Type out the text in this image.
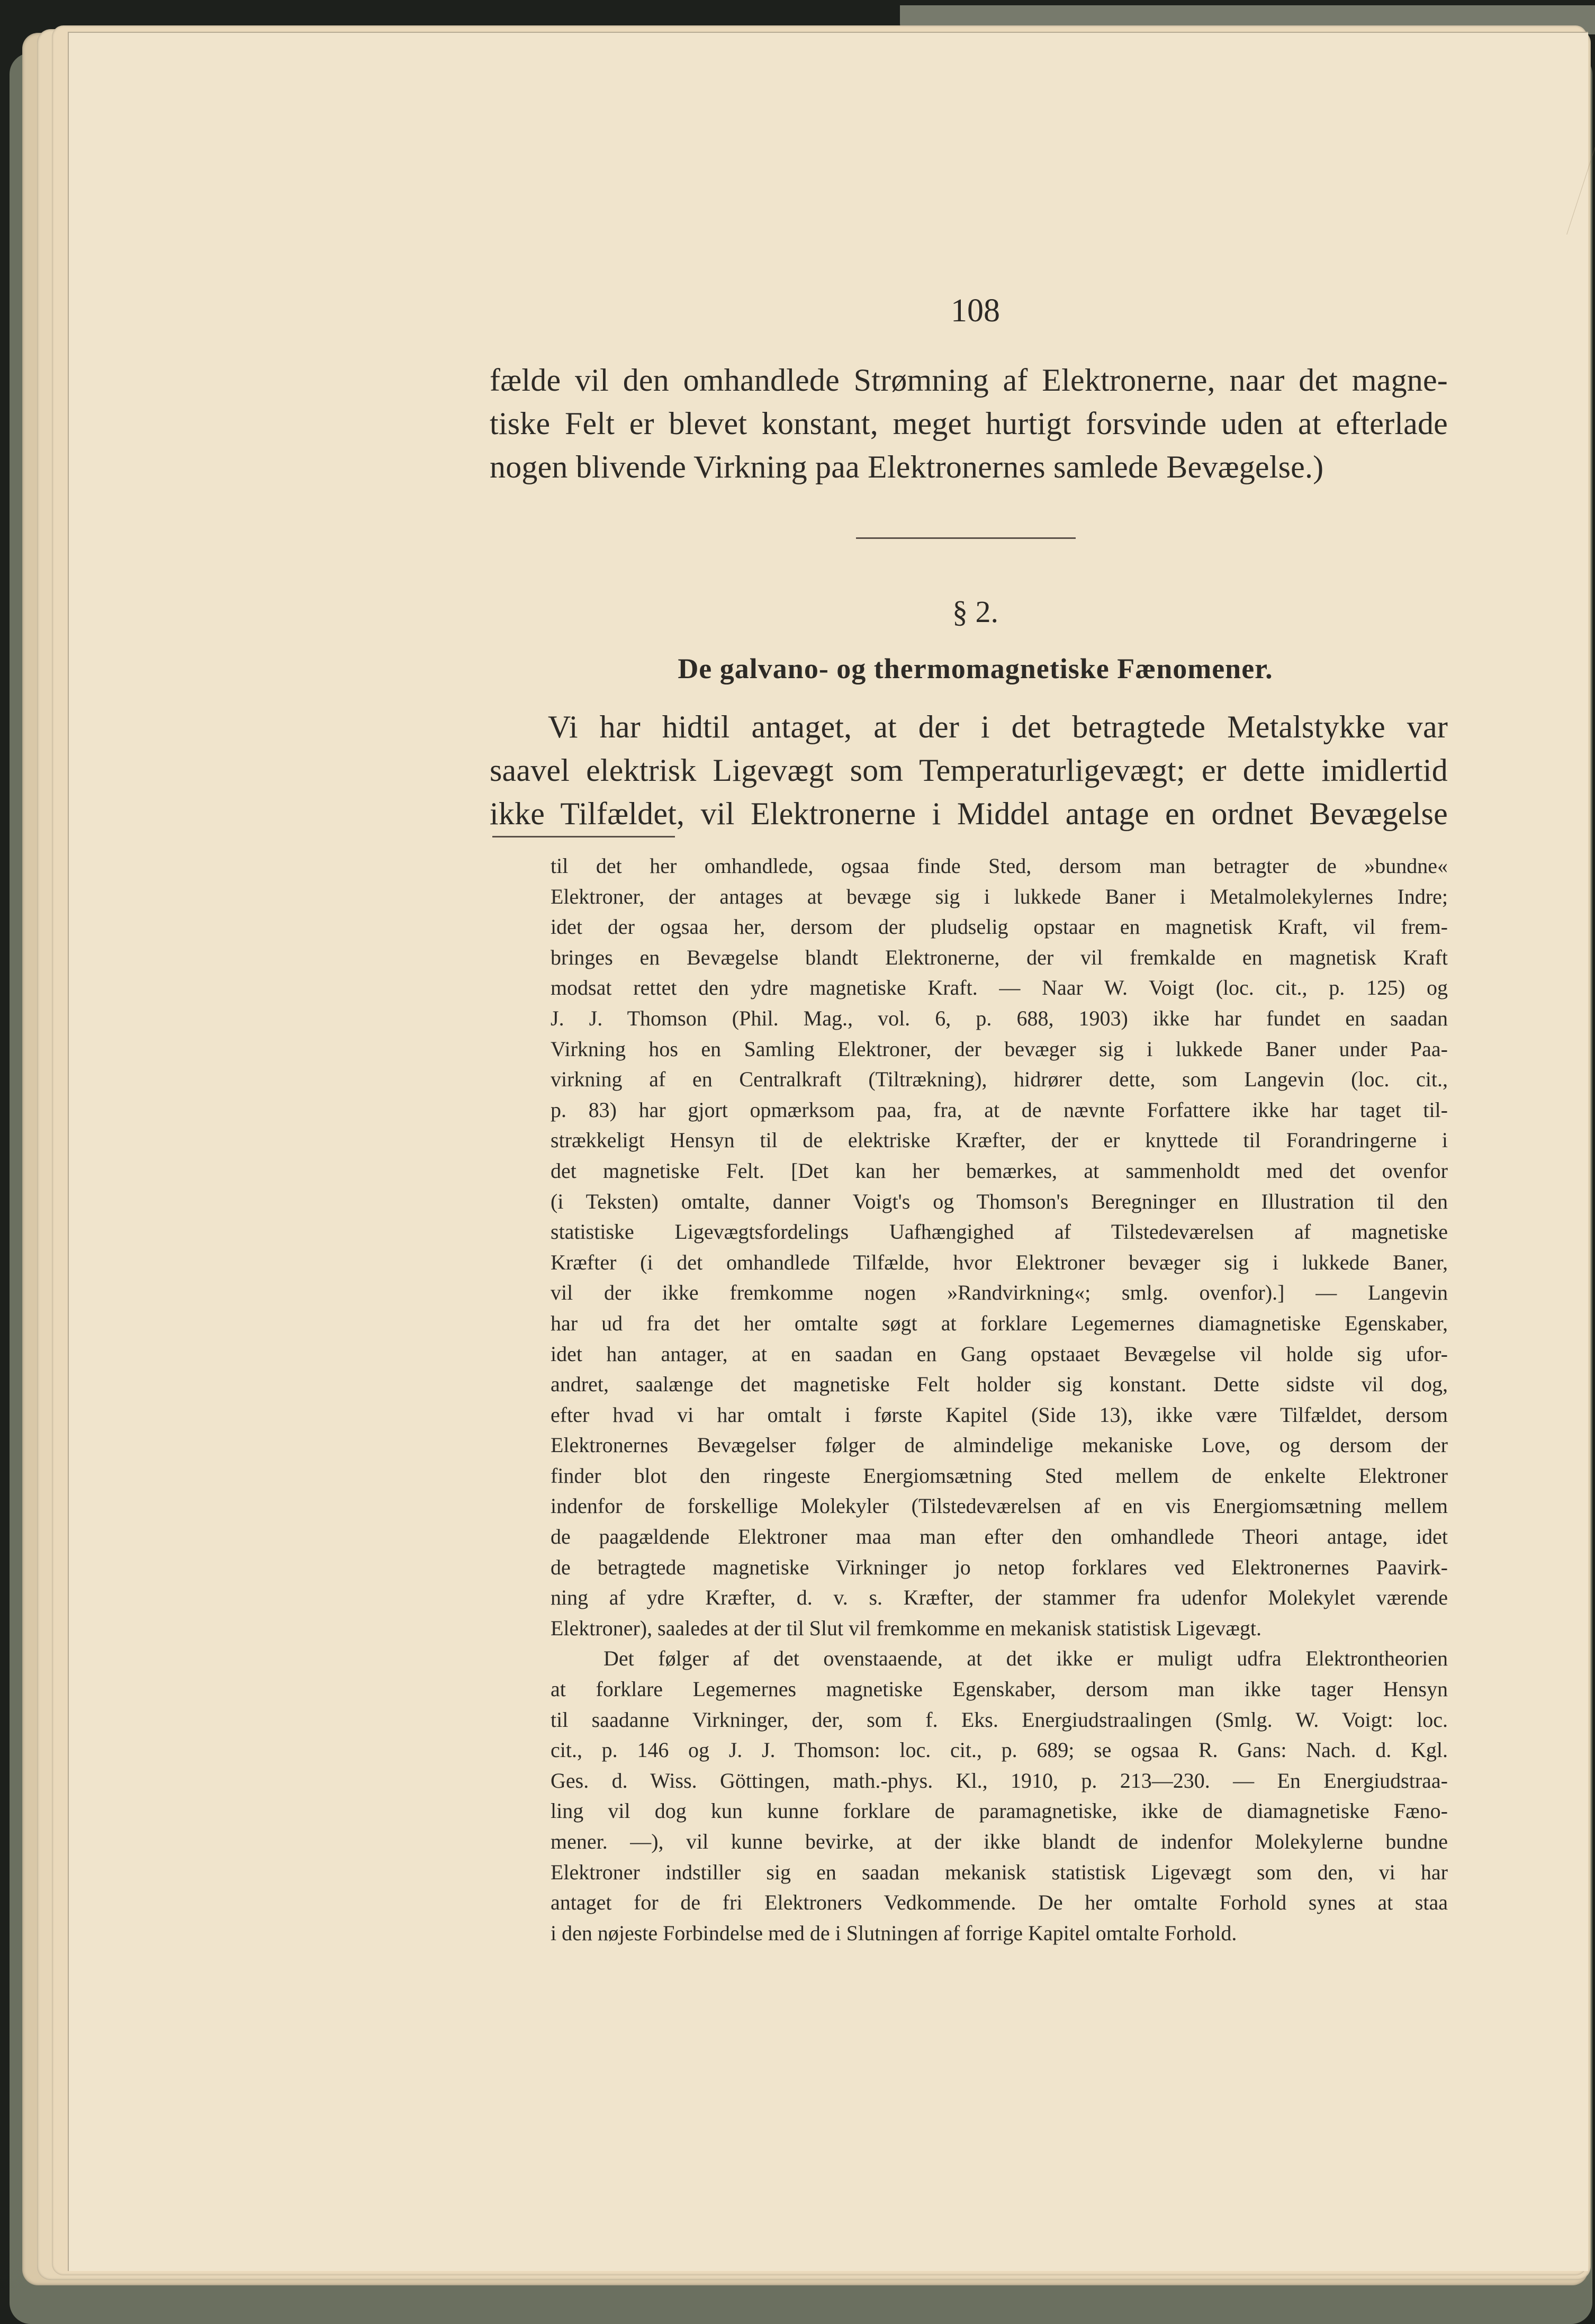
108
fælde vil den omhandlede Strømning af Elektronerne, naar det magne-
tiske Felt er blevet konstant, meget hurtigt forsvinde uden at efterlade
nogen blivende Virkning paa Elektronernes samlede Bevægelse.)
§ 2.
De galvano- og thermomagnetiske Fænomener.
Vi har hidtil antaget, at der i det betragtede Metalstykke var
saavel elektrisk Ligevægt som Temperaturligevægt; er dette imidlertid
ikke Tilfældet, vil Elektronerne i Middel antage en ordnet Bevægelse
til det her omhandlede, ogsaa finde Sted, dersom man betragter de »bundne«
Elektroner, der antages at bevæge sig i lukkede Baner i Metalmolekylernes Indre;
idet der ogsaa her, dersom der pludselig opstaar en magnetisk Kraft, vil frem-
bringes en Bevægelse blandt Elektronerne, der vil fremkalde en magnetisk Kraft
modsat rettet den ydre magnetiske Kraft. — Naar W. Voigt (loc. cit., p. 125) og
J. J. Thomson (Phil. Mag., vol. 6, p. 688, 1903) ikke har fundet en saadan
Virkning hos en Samling Elektroner, der bevæger sig i lukkede Baner under Paa-
virkning af en Centralkraft (Tiltrækning), hidrører dette, som Langevin (loc. cit.,
p. 83) har gjort opmærksom paa, fra, at de nævnte Forfattere ikke har taget til-
strækkeligt Hensyn til de elektriske Kræfter, der er knyttede til Forandringerne i
det magnetiske Felt. [Det kan her bemærkes, at sammenholdt med det ovenfor
(i Teksten) omtalte, danner Voigt's og Thomson's Beregninger en Illustration til den
statistiske Ligevægtsfordelings Uafhængighed af Tilstedeværelsen af magnetiske
Kræfter (i det omhandlede Tilfælde, hvor Elektroner bevæger sig i lukkede Baner,
vil der ikke fremkomme nogen »Randvirkning«; smlg. ovenfor).] — Langevin
har ud fra det her omtalte søgt at forklare Legemernes diamagnetiske Egenskaber,
idet han antager, at en saadan en Gang opstaaet Bevægelse vil holde sig ufor-
andret, saalænge det magnetiske Felt holder sig konstant. Dette sidste vil dog,
efter hvad vi har omtalt i første Kapitel (Side 13), ikke være Tilfældet, dersom
Elektronernes Bevægelser følger de almindelige mekaniske Love, og dersom der
finder blot den ringeste Energiomsætning Sted mellem de enkelte Elektroner
indenfor de forskellige Molekyler (Tilstedeværelsen af en vis Energiomsætning mellem
de paagældende Elektroner maa man efter den omhandlede Theori antage, idet
de betragtede magnetiske Virkninger jo netop forklares ved Elektronernes Paavirk-
ning af ydre Kræfter, d. v. s. Kræfter, der stammer fra udenfor Molekylet værende
Elektroner), saaledes at der til Slut vil fremkomme en mekanisk statistisk Ligevægt.
Det følger af det ovenstaaende, at det ikke er muligt udfra Elektrontheorien
at forklare Legemernes magnetiske Egenskaber, dersom man ikke tager Hensyn
til saadanne Virkninger, der, som f. Eks. Energiudstraalingen (Smlg. W. Voigt: loc.
cit., p. 146 og J. J. Thomson: loc. cit., p. 689; se ogsaa R. Gans: Nach. d. Kgl.
Ges. d. Wiss. Göttingen, math.-phys. Kl., 1910, p. 213—230. — En Energiudstraa-
ling vil dog kun kunne forklare de paramagnetiske, ikke de diamagnetiske Fæno-
mener. —), vil kunne bevirke, at der ikke blandt de indenfor Molekylerne bundne
Elektroner indstiller sig en saadan mekanisk statistisk Ligevægt som den, vi har
antaget for de fri Elektroners Vedkommende. De her omtalte Forhold synes at staa
i den nøjeste Forbindelse med de i Slutningen af forrige Kapitel omtalte Forhold.
